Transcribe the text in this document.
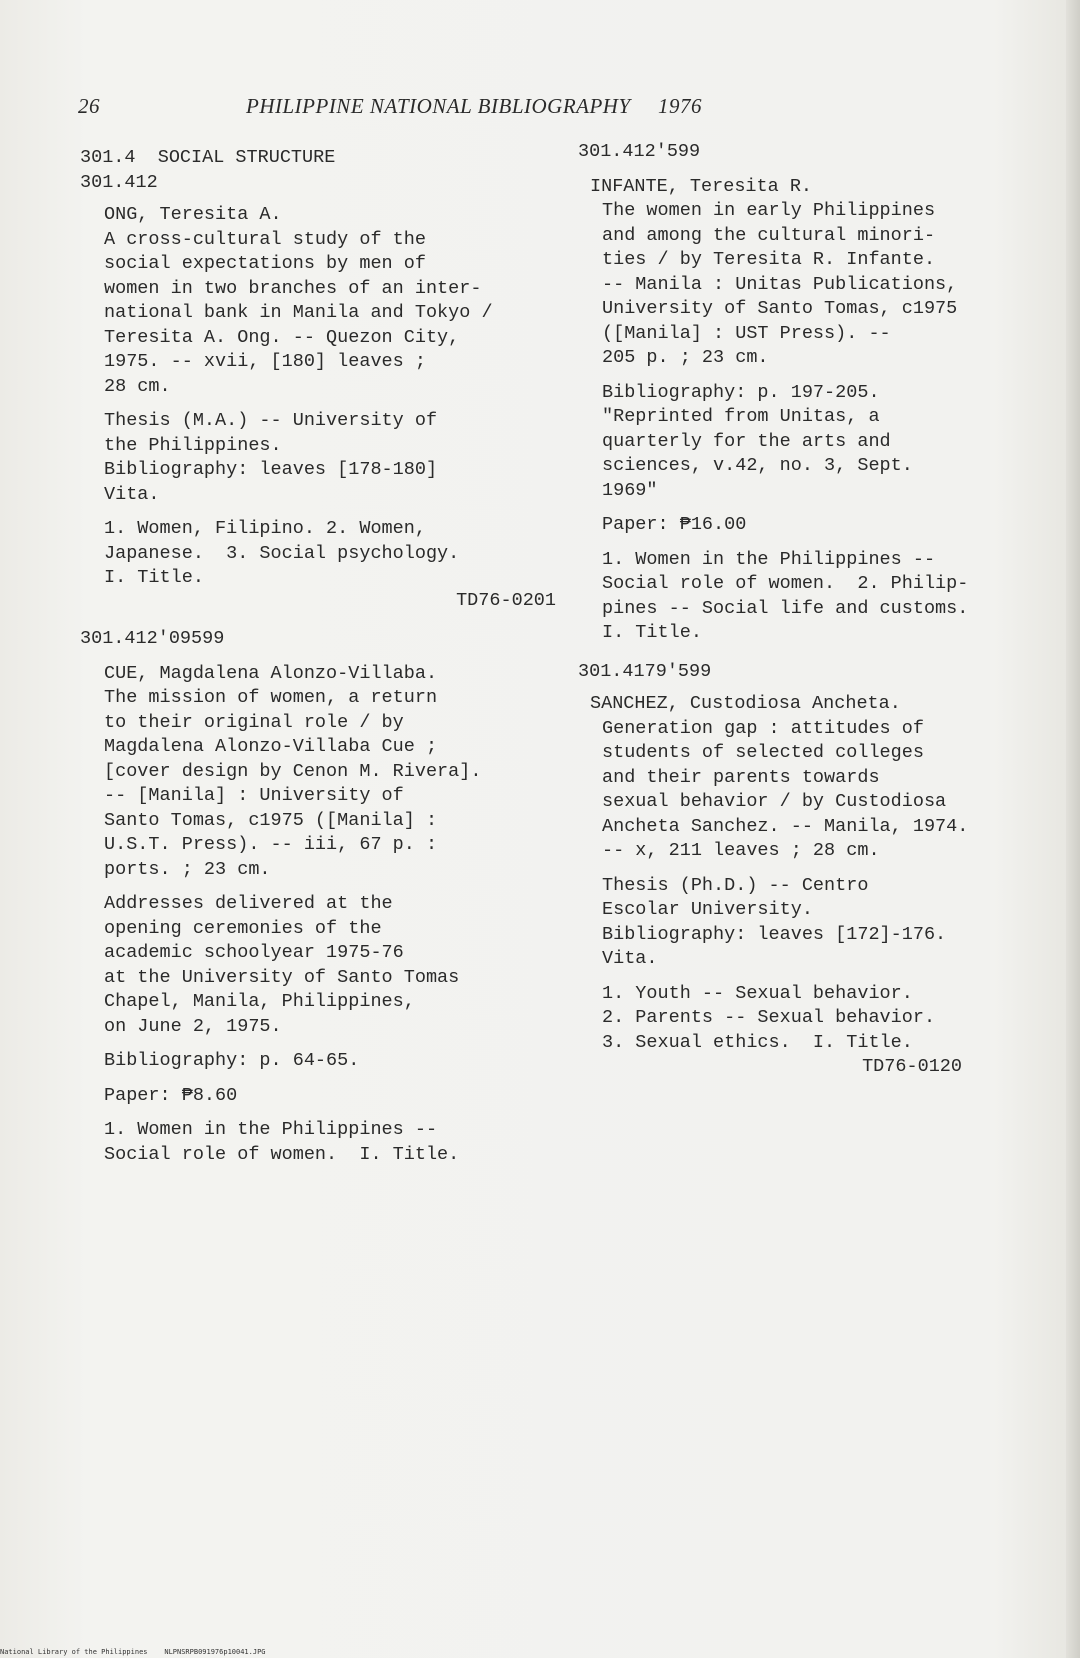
26	PHILIPPINE NATIONAL BIBLIOGRAPHY 1976

301.4  SOCIAL STRUCTURE

301.412

ONG, Teresita A.

A cross-cultural study of the

social expectations by men of

women in two branches of an inter-

national bank in Manila and Tokyo /

Teresita A. Ong. -- Quezon City,

1975. -- xvii, [180] leaves ;

28 cm.

Thesis (M.A.) -- University of

the Philippines.

Bibliography: leaves [178-180]

Vita.

1. Women, Filipino. 2. Women,

Japanese.  3. Social psychology.

I. Title.

TD76-0201

301.412'09599

CUE, Magdalena Alonzo-Villaba.

The mission of women, a return

to their original role / by

Magdalena Alonzo-Villaba Cue ;

[cover design by Cenon M. Rivera].

-- [Manila] : University of

Santo Tomas, c1975 ([Manila] :

U.S.T. Press). -- iii, 67 p. :

ports. ; 23 cm.

Addresses delivered at the

opening ceremonies of the

academic schoolyear 1975-76

at the University of Santo Tomas

Chapel, Manila, Philippines,

on June 2, 1975.

Bibliography: p. 64-65.

Paper: ₱8.60

1. Women in the Philippines --

Social role of women.  I. Title.

301.412'599

INFANTE, Teresita R.

The women in early Philippines

and among the cultural minori-

ties / by Teresita R. Infante.

-- Manila : Unitas Publications,

University of Santo Tomas, c1975

([Manila] : UST Press). --

205 p. ; 23 cm.

Bibliography: p. 197-205.

"Reprinted from Unitas, a

quarterly for the arts and

sciences, v.42, no. 3, Sept.

1969"

Paper: ₱16.00

1. Women in the Philippines --

Social role of women.  2. Philip-

pines -- Social life and customs.

I. Title.

301.4179'599

SANCHEZ, Custodiosa Ancheta.

Generation gap : attitudes of

students of selected colleges

and their parents towards

sexual behavior / by Custodiosa

Ancheta Sanchez. -- Manila, 1974.

-- x, 211 leaves ; 28 cm.

Thesis (Ph.D.) -- Centro

Escolar University.

Bibliography: leaves [172]-176.

Vita.

1. Youth -- Sexual behavior.

2. Parents -- Sexual behavior.

3. Sexual ethics.  I. Title.

TD76-0120

National Library of the Philippines    NLPNSRPB091976p10041.JPG
